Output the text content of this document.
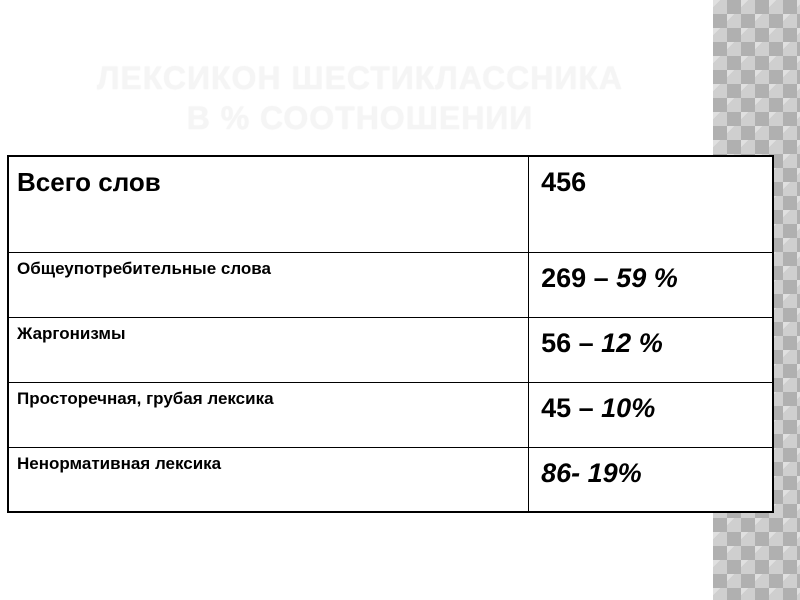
ЛЕКСИКОН ШЕСТИКЛАССНИКА
В % СООТНОШЕНИИ
Всего слов	456

Общеупотребительные слова	269 – 59 %

Жаргонизмы	56 – 12 %

Просторечная, грубая лексика	45 – 10%

Ненормативная лексика	86- 19%
